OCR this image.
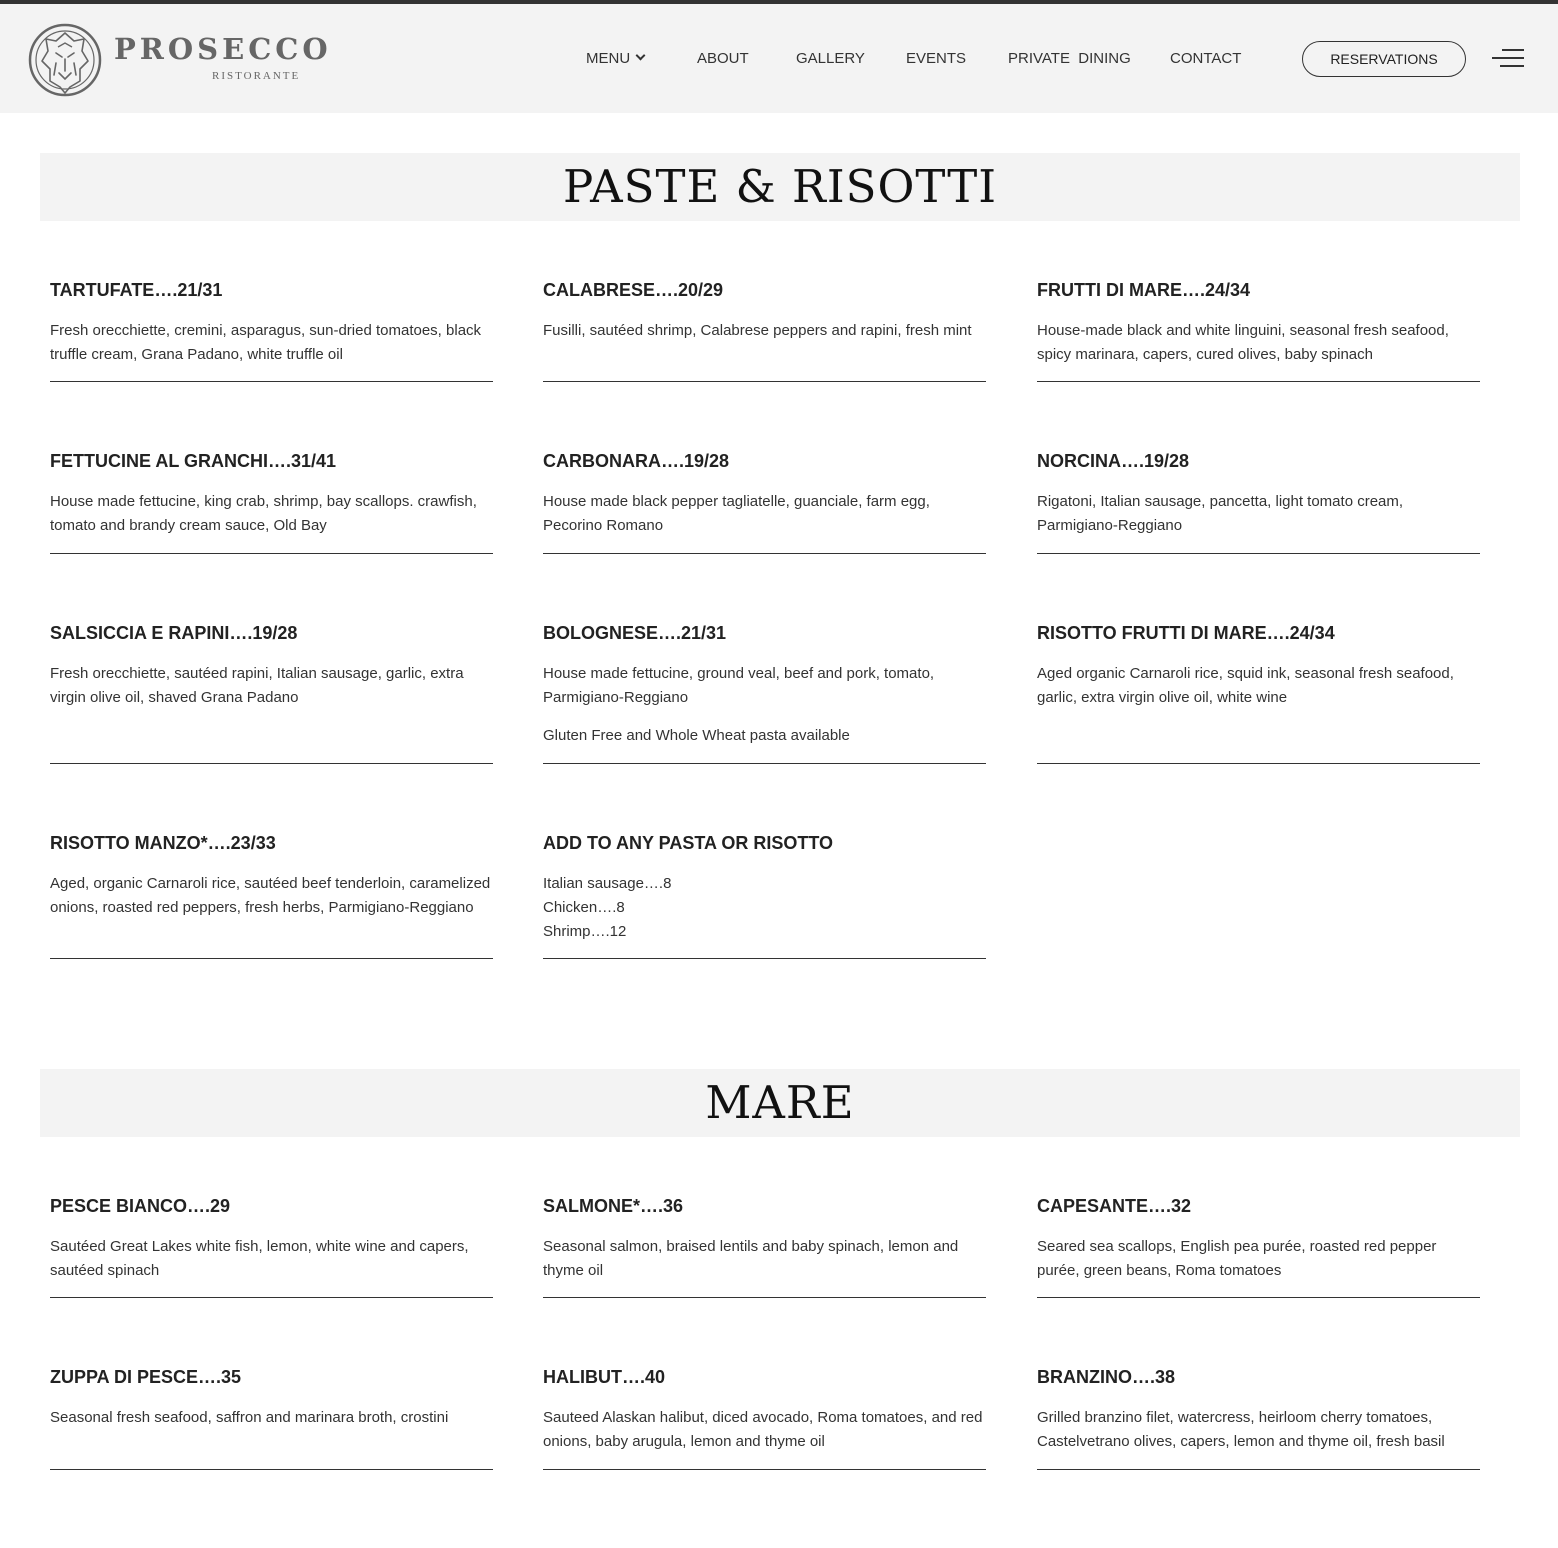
PROSECCO
RISTORANTE
MENU	ABOUT	GALLERY	EVENTS	PRIVATE  DINING	CONTACT	RESERVATIONS
PASTE & RISOTTI
TARTUFATE….21/31
Fresh orecchiette, cremini, asparagus, sun-dried tomatoes, black truffle cream, Grana Padano, white truffle oil
CALABRESE….20/29
Fusilli, sautéed shrimp, Calabrese peppers and rapini, fresh mint
FRUTTI DI MARE….24/34
House-made black and white linguini, seasonal fresh seafood, spicy marinara, capers, cured olives, baby spinach
FETTUCINE AL GRANCHI….31/41
House made fettucine, king crab, shrimp, bay scallops. crawfish, tomato and brandy cream sauce, Old Bay
CARBONARA….19/28
House made black pepper tagliatelle, guanciale, farm egg, Pecorino Romano
NORCINA….19/28
Rigatoni, Italian sausage, pancetta, light tomato cream, Parmigiano-Reggiano
SALSICCIA E RAPINI….19/28
Fresh orecchiette, sautéed rapini, Italian sausage, garlic, extra virgin olive oil, shaved Grana Padano
BOLOGNESE….21/31
House made fettucine, ground veal, beef and pork, tomato, Parmigiano-Reggiano
Gluten Free and Whole Wheat pasta available
RISOTTO FRUTTI DI MARE….24/34
Aged organic Carnaroli rice, squid ink, seasonal fresh seafood, garlic, extra virgin olive oil, white wine
RISOTTO MANZO*….23/33
Aged, organic Carnaroli rice, sautéed beef tenderloin, caramelized onions, roasted red peppers, fresh herbs, Parmigiano-Reggiano
ADD TO ANY PASTA OR RISOTTO
Italian sausage….8
Chicken….8
Shrimp….12
MARE
PESCE BIANCO….29
Sautéed Great Lakes white fish, lemon, white wine and capers, sautéed spinach
SALMONE*….36
Seasonal salmon, braised lentils and baby spinach, lemon and thyme oil
CAPESANTE….32
Seared sea scallops, English pea purée, roasted red pepper purée, green beans, Roma tomatoes
ZUPPA DI PESCE….35
Seasonal fresh seafood, saffron and marinara broth, crostini
HALIBUT….40
Sauteed Alaskan halibut, diced avocado, Roma tomatoes, and red onions, baby arugula, lemon and thyme oil
BRANZINO….38
Grilled branzino filet, watercress, heirloom cherry tomatoes, Castelvetrano olives, capers, lemon and thyme oil, fresh basil
